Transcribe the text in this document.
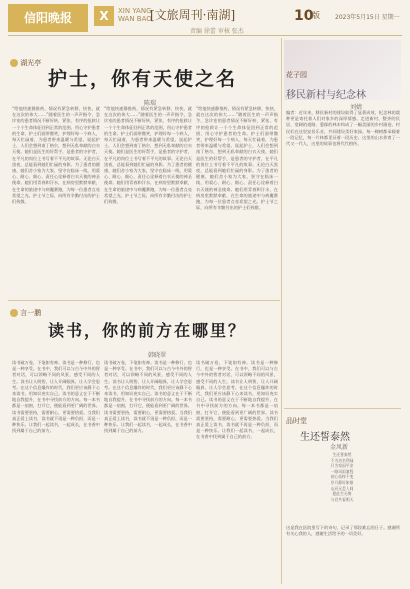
信阳晚报	X	XIN YANG
WAN BAO
[文旅周刊·南湖]	10
版	2023年5月15日 星期一
责编 徐蕾 审核 张杰
湖光亭
护士，你有天使之名
陈瑞
“给他快速静推药，情况有紧急转移，快快，就在这次的伟大……”随着医生的一声声指令，急诊室的患者情况不断好转，紧张、有序的抢救让一个个生命体征回到正常的范围，用心守护患者的生命。护士们面带微笑，护理好每一个病人，每天忙碌着，为患者带来温暖与希望。说起护士，人们会想到南丁格尔，想到无私奉献的白衣天使。她们是医生的好帮手，是患者的守护者，在平凡的岗位上书写着不平凡的故事。无论白天黑夜，总能看到她们忙碌的身影。为了患者的健康，她们舍小家为大家，坚守在临床一线，用爱心、耐心、细心、责任心诠释着白衣天使的神圣使命。她们用青春和汗水，在病房里默默奉献，在生命的旅途中与病魔赛跑，为每一位患者点亮希望之光。护士节之际，向所有辛勤付出的护士们致敬。
“给他快速静推药，情况有紧急转移，快快，就在这次的伟大……”随着医生的一声声指令，急诊室的患者情况不断好转，紧张、有序的抢救让一个个生命体征回到正常的范围，用心守护患者的生命。护士们面带微笑，护理好每一个病人，每天忙碌着，为患者带来温暖与希望。说起护士，人们会想到南丁格尔，想到无私奉献的白衣天使。她们是医生的好帮手，是患者的守护者，在平凡的岗位上书写着不平凡的故事。无论白天黑夜，总能看到她们忙碌的身影。为了患者的健康，她们舍小家为大家，坚守在临床一线，用爱心、耐心、细心、责任心诠释着白衣天使的神圣使命。她们用青春和汗水，在病房里默默奉献，在生命的旅途中与病魔赛跑，为每一位患者点亮希望之光。护士节之际，向所有辛勤付出的护士们致敬。
“给他快速静推药，情况有紧急转移，快快，就在这次的伟大……”随着医生的一声声指令，急诊室的患者情况不断好转，紧张、有序的抢救让一个个生命体征回到正常的范围，用心守护患者的生命。护士们面带微笑，护理好每一个病人，每天忙碌着，为患者带来温暖与希望。说起护士，人们会想到南丁格尔，想到无私奉献的白衣天使。她们是医生的好帮手，是患者的守护者，在平凡的岗位上书写着不平凡的故事。无论白天黑夜，总能看到她们忙碌的身影。为了患者的健康，她们舍小家为大家，坚守在临床一线，用爱心、耐心、细心、责任心诠释着白衣天使的神圣使命。她们用青春和汗水，在病房里默默奉献，在生命的旅途中与病魔赛跑，为每一位患者点亮希望之光。护士节之际，向所有辛勤付出的护士们致敬。
言一鹏
读书，你的前方在哪里？
韩晓翠
读书破万卷，下笔如有神。读书是一种修行，也是一种享受。在书中，我们可以与古今中外的智者对话，可以领略不同的风景，感受不同的人生。读书让人明智，让人开阔眼界，让人学会思考。在这个信息爆炸的时代，我们更应该静下心来读书，用知识充实自己。读书的意义在于不断地自我提升，在书中寻找前方的方向。每一本书都是一扇窗，打开它，便能看到更广阔的世界。读书需要坚持，需要耐心，更需要热爱。当我们真正爱上读书，读书就不再是一种负担，而是一种快乐。让我们一起读书，一起成长，在书香中找到属于自己的前方。
读书破万卷，下笔如有神。读书是一种修行，也是一种享受。在书中，我们可以与古今中外的智者对话，可以领略不同的风景，感受不同的人生。读书让人明智，让人开阔眼界，让人学会思考。在这个信息爆炸的时代，我们更应该静下心来读书，用知识充实自己。读书的意义在于不断地自我提升，在书中寻找前方的方向。每一本书都是一扇窗，打开它，便能看到更广阔的世界。读书需要坚持，需要耐心，更需要热爱。当我们真正爱上读书，读书就不再是一种负担，而是一种快乐。让我们一起读书，一起成长，在书香中找到属于自己的前方。
读书破万卷，下笔如有神。读书是一种修行，也是一种享受。在书中，我们可以与古今中外的智者对话，可以领略不同的风景，感受不同的人生。读书让人明智，让人开阔眼界，让人学会思考。在这个信息爆炸的时代，我们更应该静下心来读书，用知识充实自己。读书的意义在于不断地自我提升，在书中寻找前方的方向。每一本书都是一扇窗，打开它，便能看到更广阔的世界。读书需要坚持，需要耐心，更需要热爱。当我们真正爱上读书，读书就不再是一种负担，而是一种快乐。让我们一起读书，一起成长，在书香中找到属于自己的前方。
花子园
移民新村与纪念林
刘婧
编者：近年来，移民新村的建设取得了显著成效，纪念林的栽种更是寄托着人们对家乡的深厚情感。走进新村，整齐的民居、宽阔的道路、葱郁的林木构成了一幅美丽的乡村画卷。村民们在这里安居乐业，共同建设美好家园。每一棵树都承载着一段记忆，每一片林都见证着一段历史。这里的山水养育了一代又一代人，这里的故事也将代代相传。
品时堂
生还誓泰然
金凤新
生还誓泰然
不为功名利禄
只为家国平安
一路风雨兼程
初心始终不变
岁月静好如歌
山河无恙人间
愿此生无悔
与君共看明天
这是我在医院里写下的诗句，记录了那段难忘的日子。感谢所有关心我的人，感谢生活给予的一切美好。
